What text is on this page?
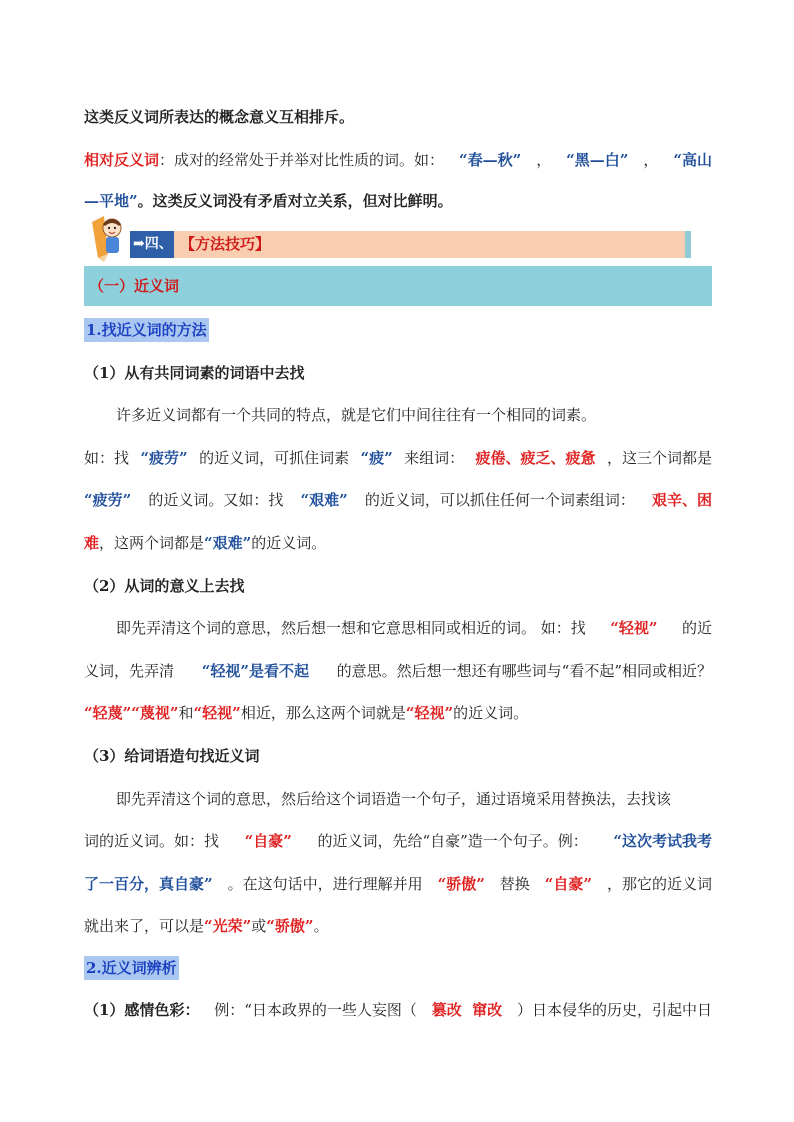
这类反义词所表达的概念意义互相排斥。
相对反义词：成对的经常处于并举对比性质的词。如： “春—秋” ， “黑—白” ， “高山
—平地”。这类反义词没有矛盾对立关系，但对比鲜明。
➡四、 【方法技巧】
（一）近义词
1.找近义词的方法
（1）从有共同词素的词语中去找
许多近义词都有一个共同的特点，就是它们中间往往有一个相同的词素。
如：找 “疲劳” 的近义词，可抓住词素 “疲” 来组词： 疲倦、疲乏、疲惫 ，这三个词都是
“疲劳” 的近义词。又如：找 “艰难” 的近义词，可以抓住任何一个词素组词： 艰辛、困
难，这两个词都是“艰难”的近义词。
（2）从词的意义上去找
即先弄清这个词的意思，然后想一想和它意思相同或相近的词。 如：找 “轻视” 的近
义词，先弄清 “轻视”是看不起 的意思。然后想一想还有哪些词与“看不起”相同或相近？
“轻蔑”“蔑视”和“轻视”相近，那么这两个词就是“轻视”的近义词。
（3）给词语造句找近义词
即先弄清这个词的意思，然后给这个词语造一个句子，通过语境采用替换法，去找该
词的近义词。如：找 “自豪” 的近义词，先给“自豪”造一个句子。例： “这次考试我考
了一百分，真自豪” 。在这句话中，进行理解并用 “骄傲” 替换 “自豪” ，那它的近义词
就出来了，可以是“光荣”或“骄傲”。
2.近义词辨析
（1）感情色彩： 例：“日本政界的一些人妄图（ 篡改  窜改 ）日本侵华的历史，引起中日
